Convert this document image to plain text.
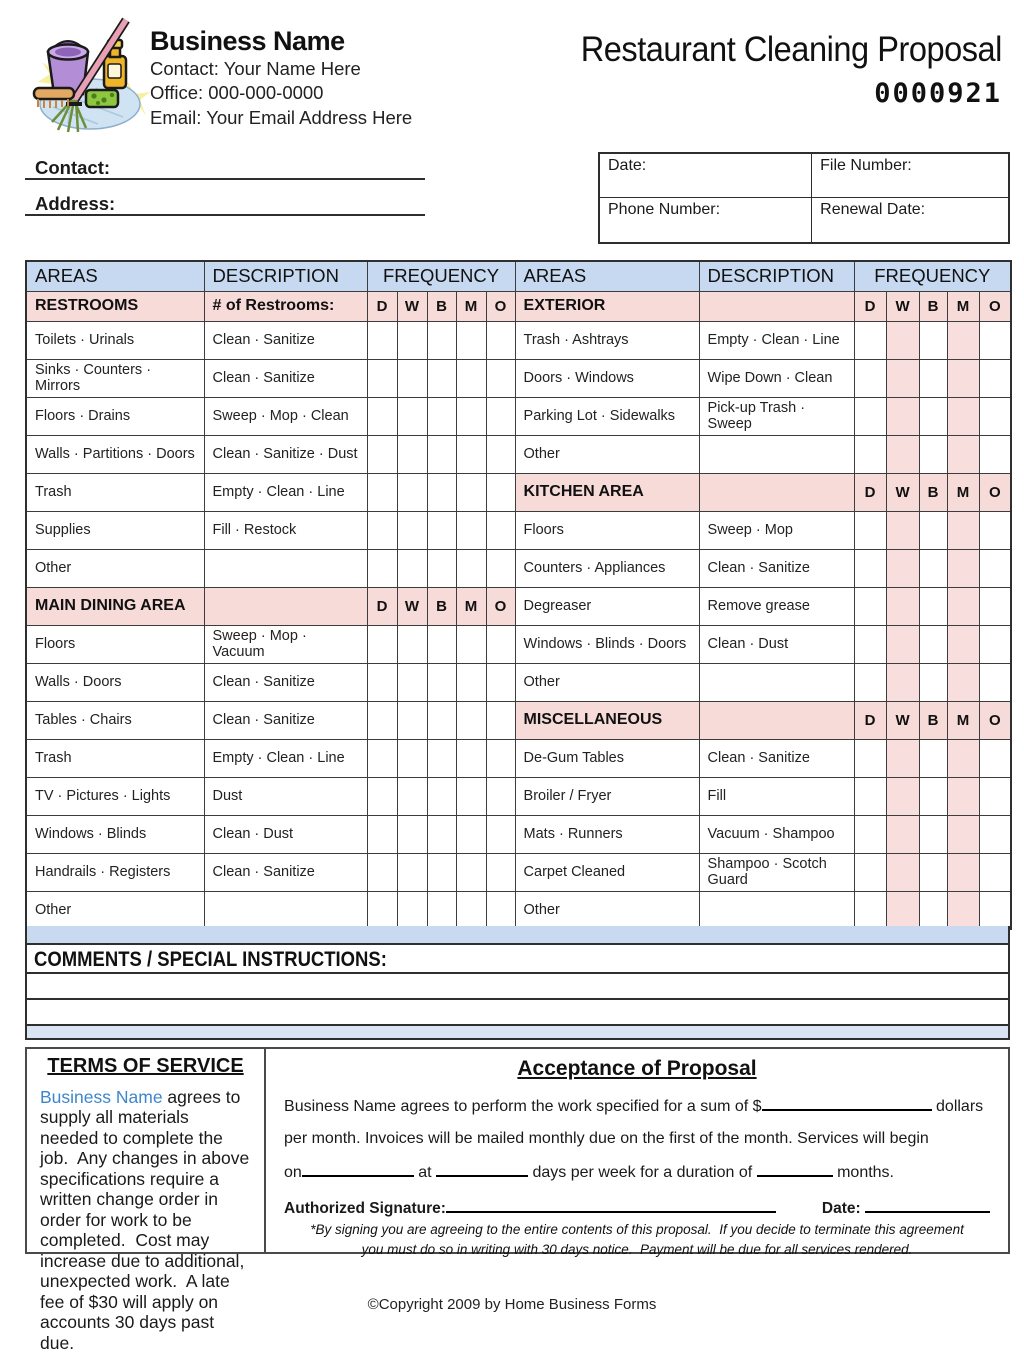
Business Name
Contact: Your Name Here
Office: 000-000-0000
Email: Your Email Address Here
Restaurant Cleaning Proposal
0000921
Contact:
Address:
Date:	File Number:
Phone Number:	Renewal Date:
AREAS	DESCRIPTION	FREQUENCY					AREAS	DESCRIPTION	FREQUENCY				
RESTROOMS	# of Restrooms:	D	W	B	M	O	EXTERIOR		D	W	B	M	O
Toilets · Urinals	Clean · Sanitize						Trash · Ashtrays	Empty · Clean · Line					
Sinks · Counters · Mirrors	Clean · Sanitize						Doors · Windows	Wipe Down · Clean					
Floors · Drains	Sweep · Mop · Clean						Parking Lot · Sidewalks	Pick-up Trash · Sweep					
Walls · Partitions · Doors	Clean · Sanitize · Dust						Other						
Trash	Empty · Clean · Line						KITCHEN AREA		D	W	B	M	O
Supplies	Fill · Restock						Floors	Sweep · Mop					
Other							Counters · Appliances	Clean · Sanitize					
MAIN DINING AREA		D	W	B	M	O	Degreaser	Remove grease					
Floors	Sweep · Mop · Vacuum						Windows · Blinds · Doors	Clean · Dust					
Walls · Doors	Clean · Sanitize						Other						
Tables · Chairs	Clean · Sanitize						MISCELLANEOUS		D	W	B	M	O
Trash	Empty · Clean · Line						De-Gum Tables	Clean · Sanitize					
TV · Pictures · Lights	Dust						Broiler / Fryer	Fill					
Windows · Blinds	Clean · Dust						Mats · Runners	Vacuum · Shampoo					
Handrails · Registers	Clean · Sanitize						Carpet Cleaned	Shampoo · Scotch Guard					
Other							Other						
COMMENTS / SPECIAL INSTRUCTIONS:
TERMS OF SERVICE
Business Name agrees to supply all materials needed to complete the job.  Any changes in above specifications require a written change order in order for work to be completed.  Cost may increase due to additional, unexpected work.  A late fee of $30 will apply on accounts 30 days past due.
Acceptance of Proposal
Business Name agrees to perform the work specified for a sum of $	dollars
per month. Invoices will be mailed monthly due on the first of the month. Services will begin
on	at	days per week for a duration of	months.
Authorized Signature:	Date:
*By signing you are agreeing to the entire contents of this proposal.  If you decide to terminate this agreement
you must do so in writing with 30 days notice.  Payment will be due for all services rendered.
©Copyright 2009 by Home Business Forms
